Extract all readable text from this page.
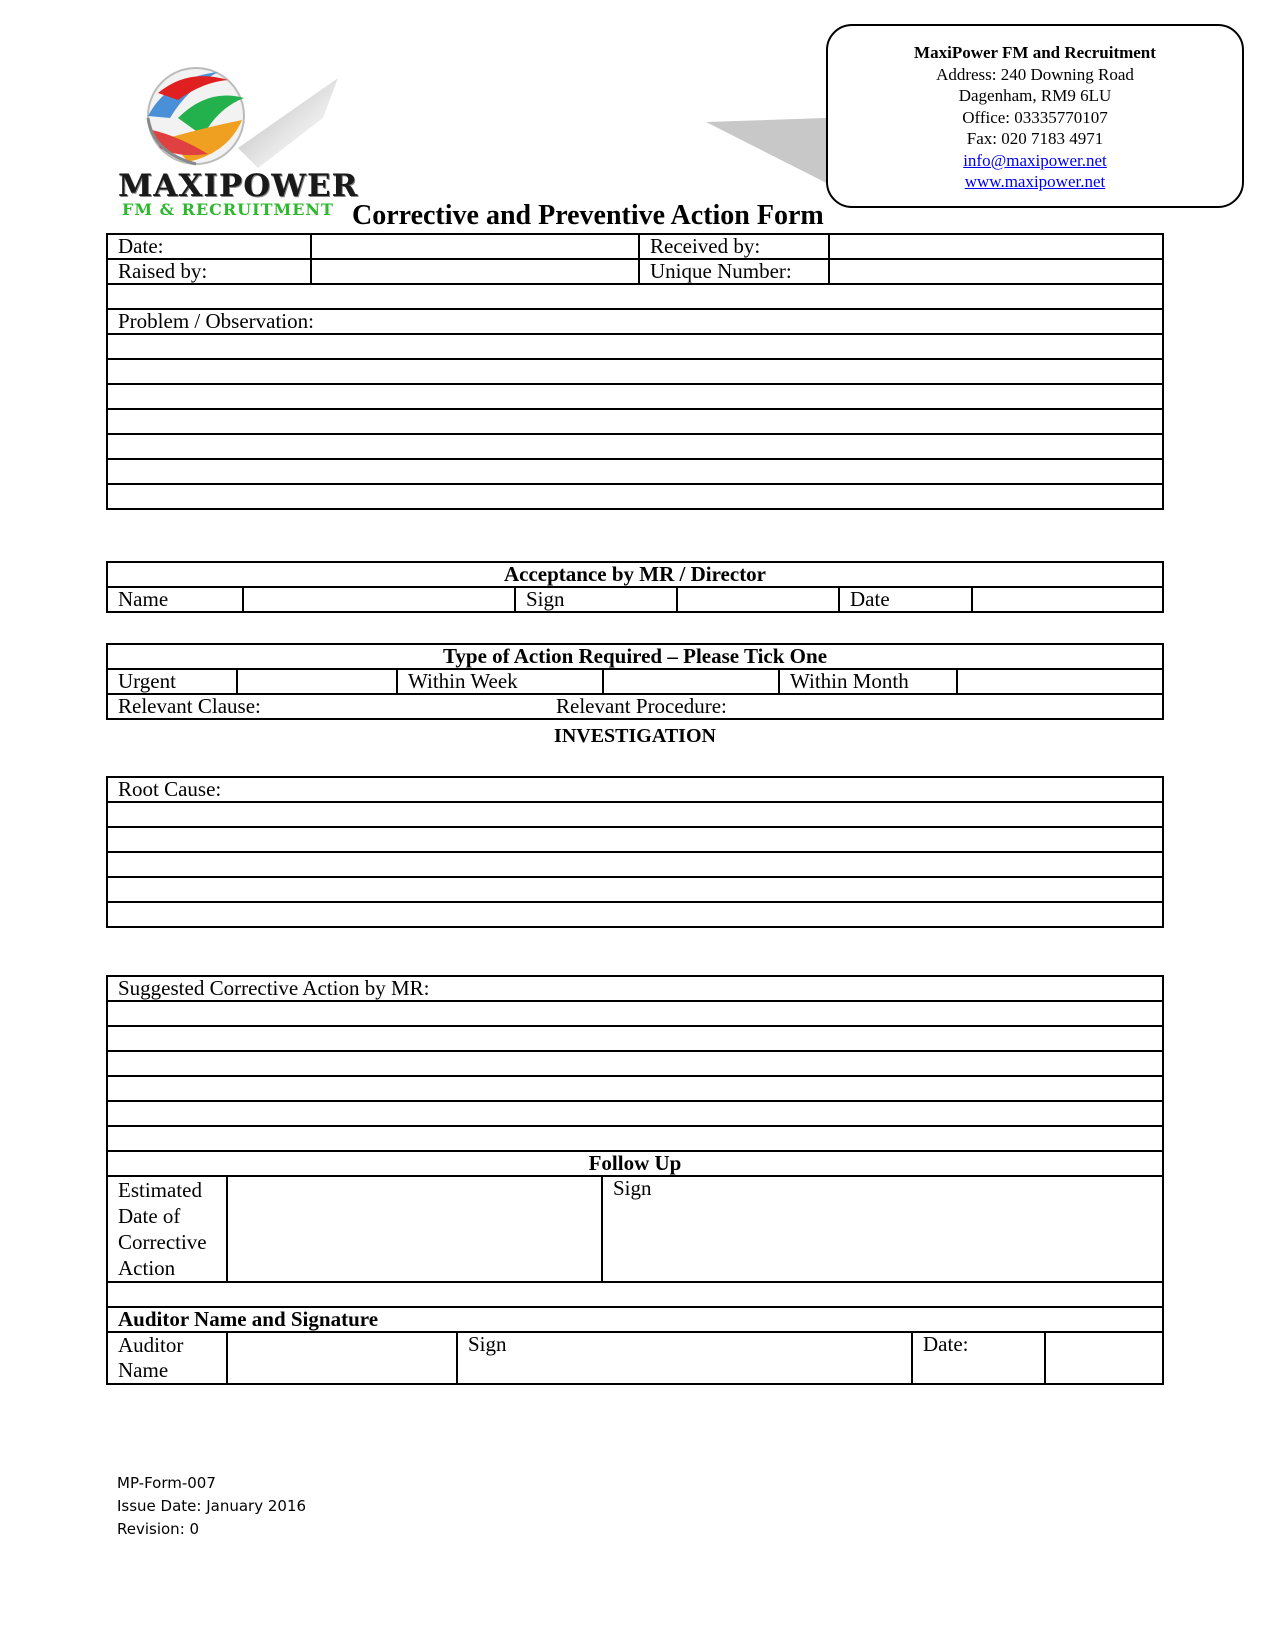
MAXIPOWER
FM & RECRUITMENT
MaxiPower FM and Recruitment
Address: 240 Downing Road
Dagenham, RM9 6LU
Office: 03335770107
Fax: 020 7183 4971
info@maxipower.net
www.maxipower.net
Corrective and Preventive Action Form
Date:		Received by:	
Raised by:		Unique Number:	

Problem / Observation:			

Acceptance by MR / Director
Name		Sign		Date	
Type of Action Required – Please Tick One
Urgent		Within Week		Within Month	
Relevant Clause:	Relevant Procedure:
INVESTIGATION
Root Cause:

Suggested Corrective Action by MR:					

Follow Up					
Estimated Date of Corrective Action			Sign		

Auditor Name and Signature					
Auditor Name		Sign		Date:	
MP-Form-007
Issue Date: January 2016
Revision: 0
